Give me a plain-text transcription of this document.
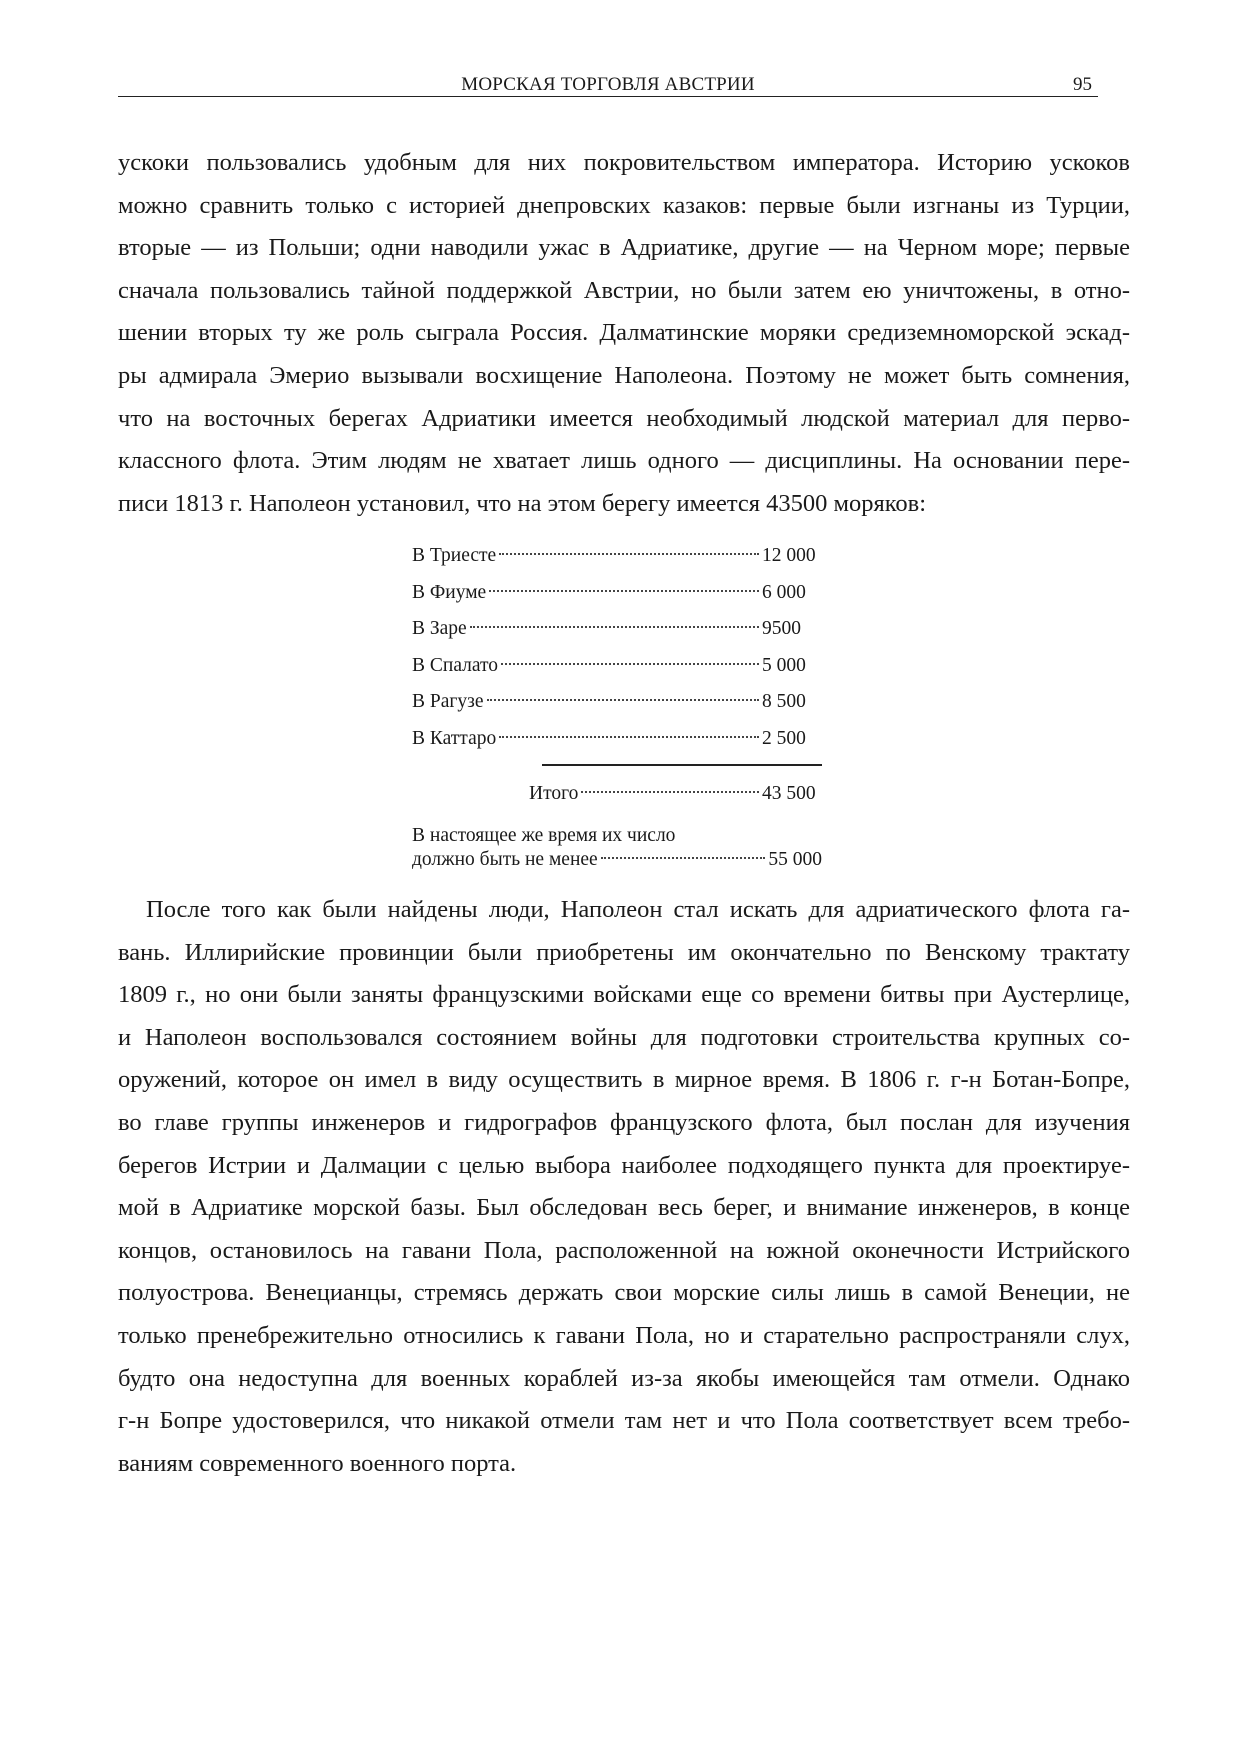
МОРСКАЯ ТОРГОВЛЯ АВСТРИИ	95
ускоки пользовались удобным для них покровительством императора. Историю ускоков
можно сравнить только с историей днепровских казаков: первые были изгнаны из Турции,
вторые — из Польши; одни наводили ужас в Адриатике, другие — на Черном море; первые
сначала пользовались тайной поддержкой Австрии, но были затем ею уничтожены, в отно-
шении вторых ту же роль сыграла Россия. Далматинские моряки средиземноморской эскад-
ры адмирала Эмерио вызывали восхищение Наполеона. Поэтому не может быть сомнения,
что на восточных берегах Адриатики имеется необходимый людской материал для перво-
классного флота. Этим людям не хватает лишь одного — дисциплины. На основании пере-
писи 1813 г. Наполеон установил, что на этом берегу имеется 43500 моряков:
В Триесте	12 000
В Фиуме	6 000
В Заре	9500
В Спалато	5 000
В Рагузе	8 500
В Каттаро	2 500
Итого	43 500
В настоящее же время их число
должно быть не менее	55 000
После того как были найдены люди, Наполеон стал искать для адриатического флота га-
вань. Иллирийские провинции были приобретены им окончательно по Венскому трактату
1809 г., но они были заняты французскими войсками еще со времени битвы при Аустерлице,
и Наполеон воспользовался состоянием войны для подготовки строительства крупных со-
оружений, которое он имел в виду осуществить в мирное время. В 1806 г. г-н Ботан-Бопре,
во главе группы инженеров и гидрографов французского флота, был послан для изучения
берегов Истрии и Далмации с целью выбора наиболее подходящего пункта для проектируе-
мой в Адриатике морской базы. Был обследован весь берег, и внимание инженеров, в конце
концов, остановилось на гавани Пола, расположенной на южной оконечности Истрийского
полуострова. Венецианцы, стремясь держать свои морские силы лишь в самой Венеции, не
только пренебрежительно относились к гавани Пола, но и старательно распространяли слух,
будто она недоступна для военных кораблей из-за якобы имеющейся там отмели. Однако
г-н Бопре удостоверился, что никакой отмели там нет и что Пола соответствует всем требо-
ваниям современного военного порта.
